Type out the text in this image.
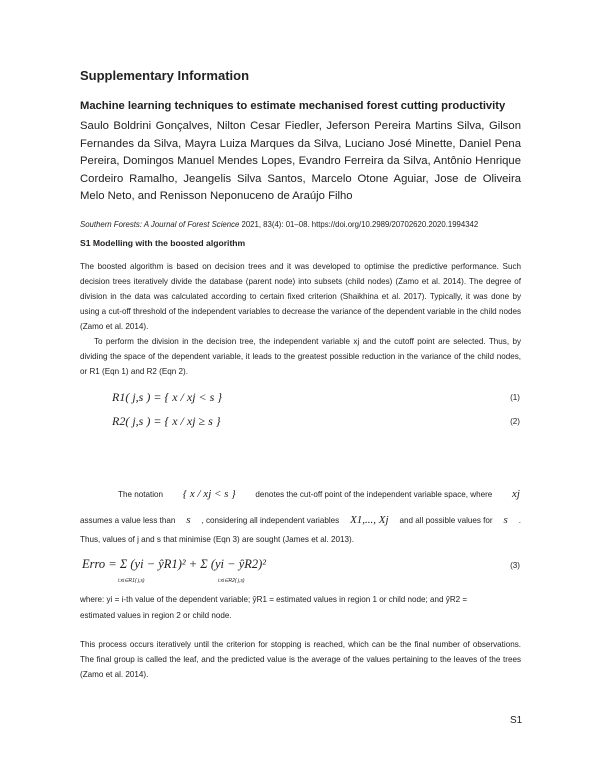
Supplementary Information
Machine learning techniques to estimate mechanised forest cutting productivity
Saulo Boldrini Gonçalves, Nilton Cesar Fiedler, Jeferson Pereira Martins Silva, Gilson Fernandes da Silva, Mayra Luiza Marques da Silva, Luciano José Minette, Daniel Pena Pereira, Domingos Manuel Mendes Lopes, Evandro Ferreira da Silva, Antônio Henrique Cordeiro Ramalho, Jeangelis Silva Santos, Marcelo Otone Aguiar, Jose de Oliveira Melo Neto, and Renisson Neponuceno de Araújo Filho
Southern Forests: A Journal of Forest Science 2021, 83(4): 01–08. https://doi.org/10.2989/20702620.2020.1994342
S1 Modelling with the boosted algorithm
The boosted algorithm is based on decision trees and it was developed to optimise the predictive performance. Such decision trees iteratively divide the database (parent node) into subsets (child nodes) (Zamo et al. 2014). The degree of division in the data was calculated according to certain fixed criterion (Shaikhina et al. 2017). Typically, it was done by using a cut-off threshold of the independent variables to decrease the variance of the dependent variable in the child nodes (Zamo et al. 2014).
To perform the division in the decision tree, the independent variable xj and the cutoff point are selected. Thus, by dividing the space of the dependent variable, it leads to the greatest possible reduction in the variance of the child nodes, or R1 (Eqn 1) and R2 (Eqn 2).
R1( j,s ) = { x / xj < s }	(1)
R2( j,s ) = { x / xj ≥ s }	(2)
The notation { x / xj < s } denotes the cut-off point of the independent variable space, where xj
assumes a value less than s , considering all independent variables X1,..., Xj and all possible values for s .
Thus, values of j and s that minimise (Eqn 3) are sought (James et al. 2013).
Erro = Σ (yi − ŷR1)² + Σ (yi − ŷR2)²
i:xi∈R1( j,s)	i:xi∈R2( j,s)
(3)
where: yi = i-th value of the dependent variable; ŷR1 = estimated values in region 1 or child node; and ŷR2 =
estimated values in region 2 or child node.
This process occurs iteratively until the criterion for stopping is reached, which can be the final number of observations. The final group is called the leaf, and the predicted value is the average of the values pertaining to the leaves of the trees (Zamo et al. 2014).
S1
